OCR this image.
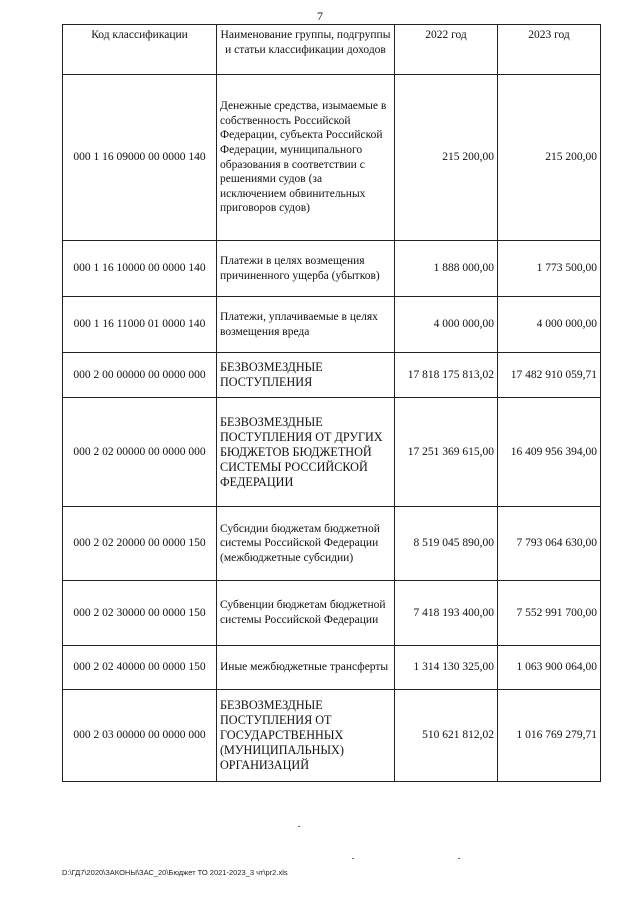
7
Код классификации	Наименование группы, подгруппы и статьи классификации доходов	2022 год	2023 год
000 1 16 09000 00 0000 140	Денежные средства, изымаемые в собственность Российской Федерации, субъекта Российской Федерации, муниципального образования в соответствии с решениями судов (за исключением обвинительных приговоров судов)	215 200,00	215 200,00
000 1 16 10000 00 0000 140	Платежи в целях возмещения причиненного ущерба (убытков)	1 888 000,00	1 773 500,00
000 1 16 11000 01 0000 140	Платежи, уплачиваемые в целях возмещения вреда	4 000 000,00	4 000 000,00
000 2 00 00000 00 0000 000	БЕЗВОЗМЕЗДНЫЕ ПОСТУПЛЕНИЯ	17 818 175 813,02	17 482 910 059,71
000 2 02 00000 00 0000 000	БЕЗВОЗМЕЗДНЫЕ ПОСТУПЛЕНИЯ ОТ ДРУГИХ БЮДЖЕТОВ БЮДЖЕТНОЙ СИСТЕМЫ РОССИЙСКОЙ ФЕДЕРАЦИИ	17 251 369 615,00	16 409 956 394,00
000 2 02 20000 00 0000 150	Субсидии бюджетам бюджетной системы Российской Федерации (межбюджетные субсидии)	8 519 045 890,00	7 793 064 630,00
000 2 02 30000 00 0000 150	Субвенции бюджетам бюджетной системы Российской Федерации	7 418 193 400,00	7 552 991 700,00
000 2 02 40000 00 0000 150	Иные межбюджетные трансферты	1 314 130 325,00	1 063 900 064,00
000 2 03 00000 00 0000 000	БЕЗВОЗМЕЗДНЫЕ ПОСТУПЛЕНИЯ ОТ ГОСУДАРСТВЕННЫХ (МУНИЦИПАЛЬНЫХ) ОРГАНИЗАЦИЙ	510 621 812,02	1 016 769 279,71
D:\ГД7\2020\ЗАКОНЫ\ЗАС_20\Бюджет ТО 2021-2023_3 чт\pr2.xls
